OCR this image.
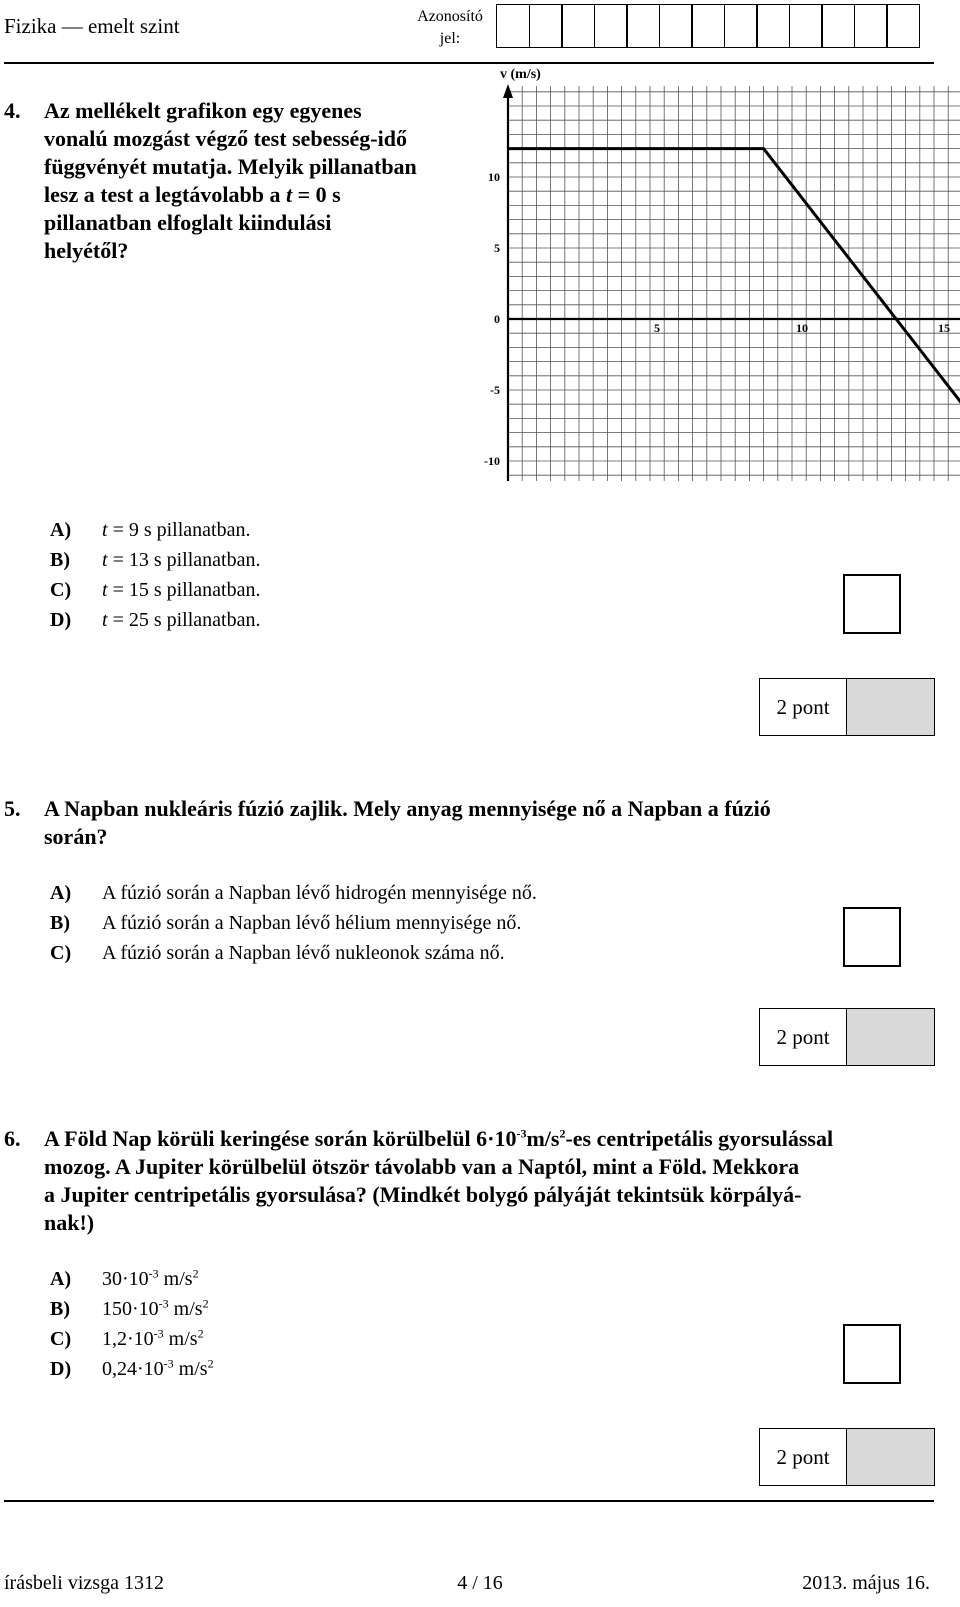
Fizika — emelt szint	Azonosító jel:
4. Az mellékelt grafikon egy egyenes
vonalú mozgást végző test sebesség-idő
függvényét mutatja. Melyik pillanatban
lesz a test a legtávolabb a t = 0 s
pillanatban elfoglalt kiindulási
helyétől?
5	10	15
10
5
0
-5
-10
v (m/s)
A) t = 9 s pillanatban.
B) t = 13 s pillanatban.
C) t = 15 s pillanatban.
D) t = 25 s pillanatban.
2 pont
5. A Napban nukleáris fúzió zajlik. Mely anyag mennyisége nő a Napban a fúzió
során?
A) A fúzió során a Napban lévő hidrogén mennyisége nő.
B) A fúzió során a Napban lévő hélium mennyisége nő.
C) A fúzió során a Napban lévő nukleonok száma nő.
2 pont
6. A Föld Nap körüli keringése során körülbelül $6\cdot 10^{-3}m/s^2-es$ centripetális gyorsulással
mozog. A Jupiter körülbelül ötször távolabb van a Naptól, mint a Föld. Mekkora
a Jupiter centripetális gyorsulása? (Mindkét bolygó pályáját tekintsük körpályá-
nak!)
A) $30\cdot 10^{-3}$ $m/s^2$
B) $150\cdot 10^{-3}$ $m/s^2$
C) $1,2\cdot 10^{-3}$ $m/s^2$
D) $0,24\cdot 10^{-3}$ $m/s^2$
2 pont
írásbeli vizsga 1312	4 / 16	2013. május 16.
